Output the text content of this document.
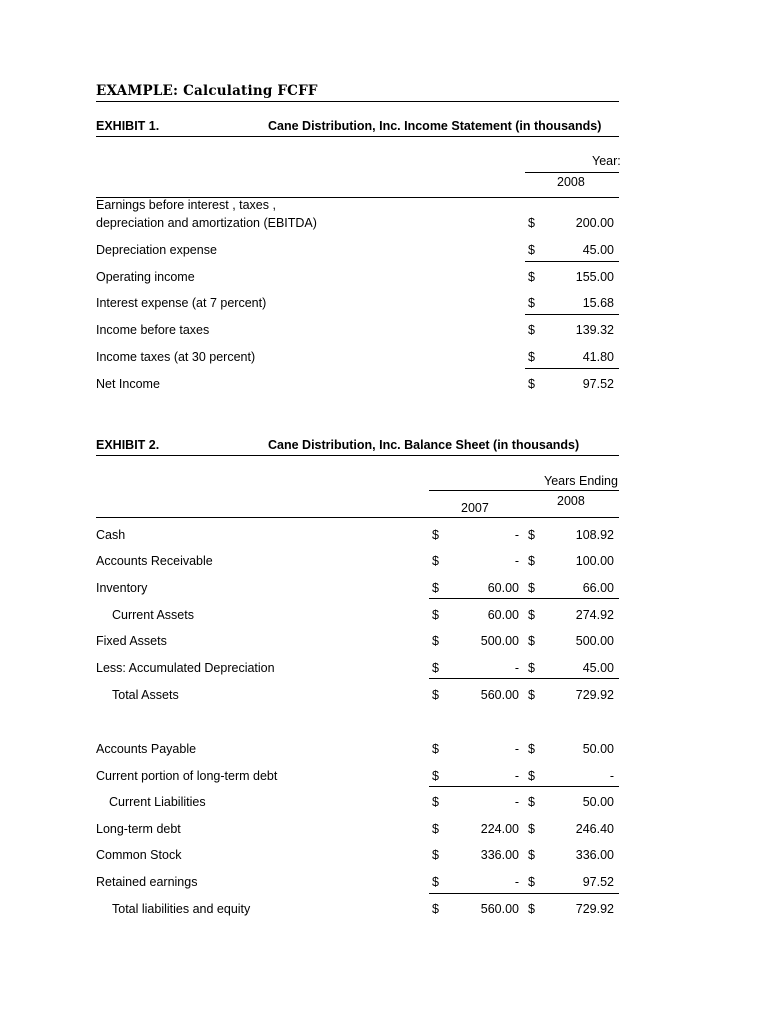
EXAMPLE: Calculating FCFF
EXHIBIT 1.	Cane Distribution, Inc. Income Statement (in thousands)
Year:
2008
Earnings before interest , taxes ,
depreciation and amortization (EBITDA)	$	200.00
Depreciation expense	$	45.00
Operating income	$	155.00
Interest expense (at 7 percent)	$	15.68
Income before taxes	$	139.32
Income taxes (at 30 percent)	$	41.80
Net Income	$	97.52
EXHIBIT 2.	Cane Distribution, Inc. Balance Sheet (in thousands)
Years Ending
2008
2007
Cash	$	- $	108.92
Accounts Receivable	$	- $	100.00
Inventory	$	60.00 $	66.00
Current Assets	$	60.00 $	274.92
Fixed Assets	$	500.00 $	500.00
Less: Accumulated Depreciation	$	- $	45.00
Total Assets	$	560.00 $	729.92
Accounts Payable	$	- $	50.00
Current portion of long-term debt	$	- $	-
Current Liabilities	$	- $	50.00
Long-term debt	$	224.00 $	246.40
Common Stock	$	336.00 $	336.00
Retained earnings	$	- $	97.52
Total liabilities and equity	$	560.00 $	729.92
